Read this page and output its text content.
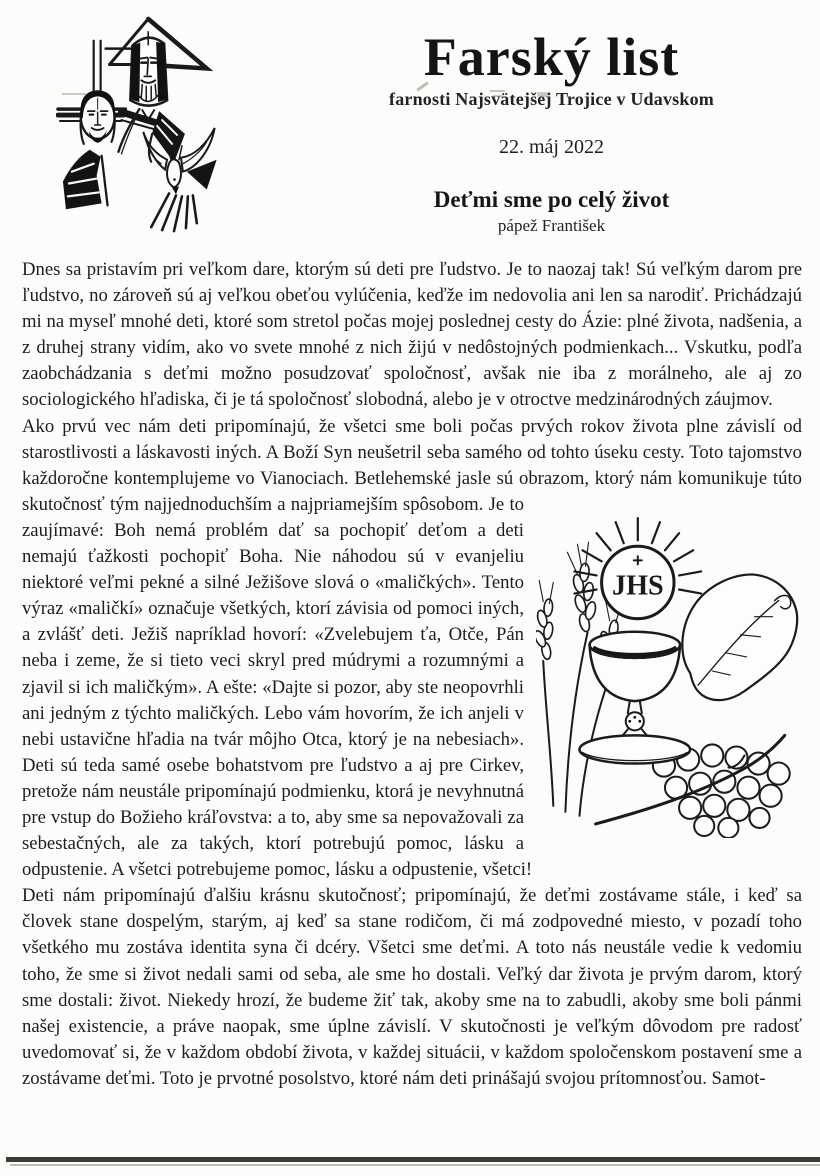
Farský list
farnosti Najsvätejšej Trojice v Udavskom
22. máj 2022
Deťmi sme po celý život
pápež František

Dnes sa pristavím pri veľkom dare, ktorým sú deti pre ľudstvo. Je to naozaj tak! Sú veľkým darom pre ľudstvo, no zároveň sú aj veľkou obeťou vylúčenia, keďže im nedovolia ani len sa narodiť. Prichádzajú mi na myseľ mnohé deti, ktoré som stretol počas mojej poslednej cesty do Ázie: plné života, nadšenia, a z druhej strany vidím, ako vo svete mnohé z nich žijú v nedôstojných podmienkach... Vskutku, podľa zaobchádzania s deťmi možno posudzovať spoločnosť, avšak nie iba z morálneho, ale aj zo sociologického hľadiska, či je tá spoločnosť slobodná, alebo je v otroctve medzinárodných záujmov.

Ako prvú vec nám deti pripomínajú, že všetci sme boli počas prvých rokov života plne závislí od starostlivosti a láskavosti iných. A Boží Syn neušetril seba samého od tohto úseku cesty. Toto tajomstvo každoročne kontemplujeme vo Vianociach. Betlehemské jasle sú obrazom, ktorý nám komunikuje túto skutočnosť tým najjednoduchším a najpriamejším
JHS
spôsobom. Je to zaujímavé: Boh nemá problém dať sa pochopiť deťom a deti nemajú ťažkosti pochopiť Boha. Nie náhodou sú v evanjeliu niektoré veľmi pekné a silné Ježišove slová o «maličkých». Tento výraz «maličkí» označuje všetkých, ktorí závisia od pomoci iných, a zvlášť deti. Ježiš napríklad hovorí: «Zvelebujem ťa, Otče, Pán neba i zeme, že si tieto veci skryl pred múdrymi a rozumnými a zjavil si ich maličkým». A ešte: «Dajte si pozor, aby ste neopovrhli ani jedným z týchto maličkých. Lebo vám hovorím, že ich anjeli v nebi ustavične hľadia na tvár môjho Otca, ktorý je na nebesiach». Deti sú teda samé osebe bohatstvom pre ľudstvo a aj pre Cirkev, pretože nám neustále pripomínajú podmienku, ktorá je nevyhnutná pre vstup do Božieho kráľovstva: a to, aby sme sa nepovažovali za sebestačných, ale za takých, ktorí potrebujú pomoc, lásku a odpustenie. A všetci potrebujeme pomoc, lásku a odpustenie, všetci!

Deti nám pripomínajú ďalšiu krásnu skutočnosť; pripomínajú, že deťmi zostávame stále, i keď sa človek stane dospelým, starým, aj keď sa stane rodičom, či má zodpovedné miesto, v pozadí toho všetkého mu zostáva identita syna či dcéry. Všetci sme deťmi. A toto nás neustále vedie k vedomiu toho, že sme si život nedali sami od seba, ale sme ho dostali. Veľký dar života je prvým darom, ktorý sme dostali: život. Niekedy hrozí, že budeme žiť tak, akoby sme na to zabudli, akoby sme boli pánmi našej existencie, a práve naopak, sme úplne závislí. V skutočnosti je veľkým dôvodom pre radosť uvedomovať si, že v každom období života, v každej situácii, v každom spoločenskom postavení sme a zostávame deťmi. Toto je prvotné posolstvo, ktoré nám deti prinášajú svojou prítomnosťou. Samot-
